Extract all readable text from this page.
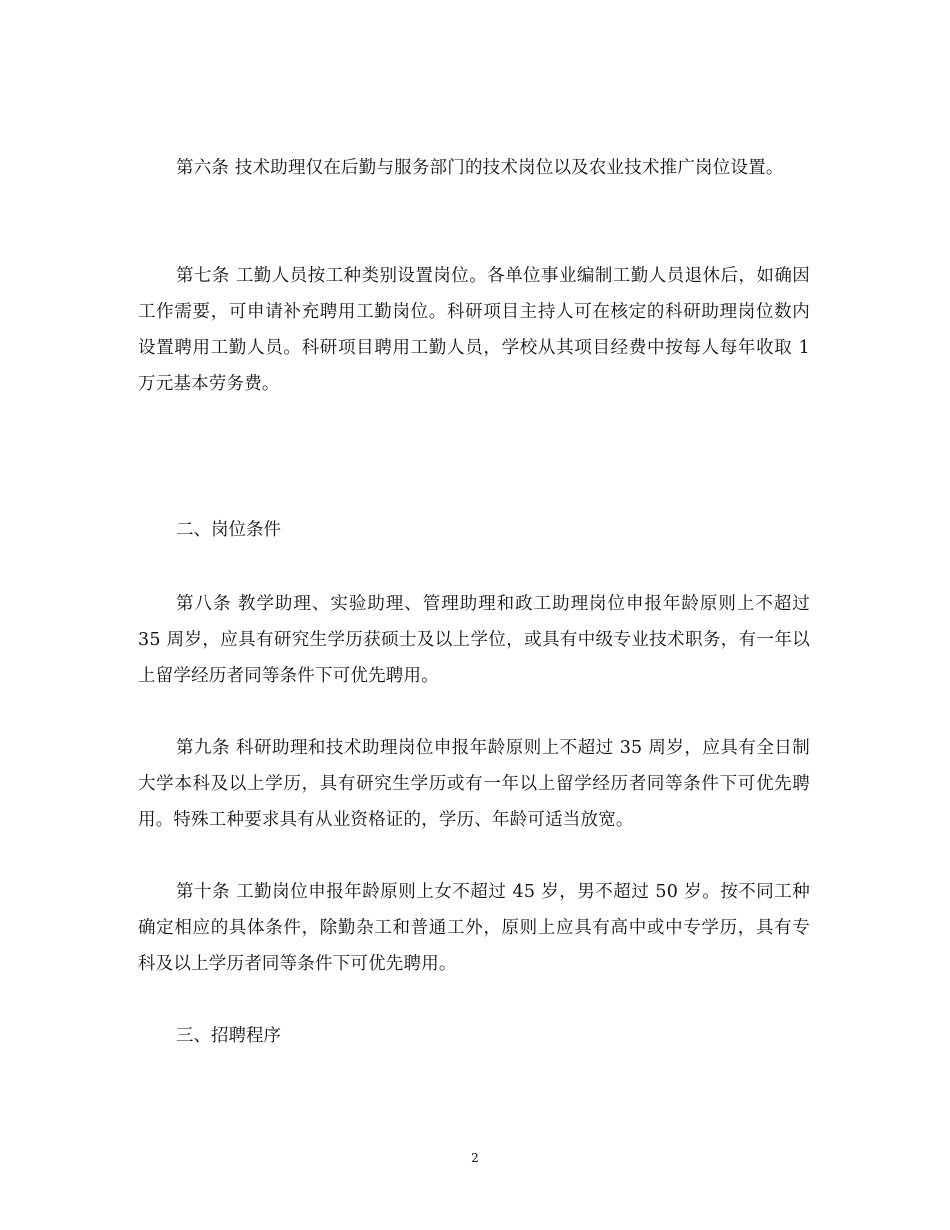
第六条 技术助理仅在后勤与服务部门的技术岗位以及农业技术推广岗位设置。

第七条 工勤人员按工种类别设置岗位。各单位事业编制工勤人员退休后，如确因工作需要，可申请补充聘用工勤岗位。科研项目主持人可在核定的科研助理岗位数内设置聘用工勤人员。科研项目聘用工勤人员，学校从其项目经费中按每人每年收取 1 万元基本劳务费。

二、岗位条件

第八条 教学助理、实验助理、管理助理和政工助理岗位申报年龄原则上不超过 35 周岁，应具有研究生学历获硕士及以上学位，或具有中级专业技术职务，有一年以上留学经历者同等条件下可优先聘用。

第九条 科研助理和技术助理岗位申报年龄原则上不超过 35 周岁，应具有全日制大学本科及以上学历，具有研究生学历或有一年以上留学经历者同等条件下可优先聘用。特殊工种要求具有从业资格证的，学历、年龄可适当放宽。

第十条 工勤岗位申报年龄原则上女不超过 45 岁，男不超过 50 岁。按不同工种确定相应的具体条件，除勤杂工和普通工外，原则上应具有高中或中专学历，具有专科及以上学历者同等条件下可优先聘用。

三、招聘程序

2
